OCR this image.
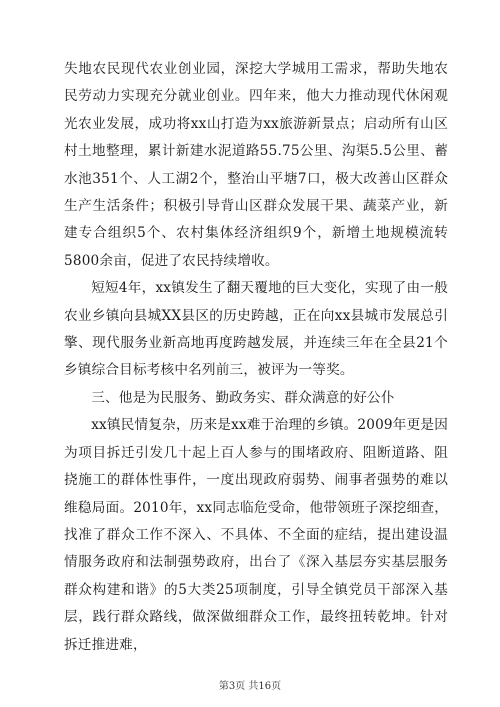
失地农民现代农业创业园，深挖大学城用工需求，帮助失地农民劳动力实现充分就业创业。四年来，他大力推动现代休闲观光农业发展，成功将xx山打造为xx旅游新景点；启动所有山区村土地整理，累计新建水泥道路55.75公里、沟渠5.5公里、蓄水池351个、人工湖2个，整治山平塘7口，极大改善山区群众生产生活条件；积极引导背山区群众发展干果、蔬菜产业，新建专合组织5个、农村集体经济组织9个，新增土地规模流转5800余亩，促进了农民持续增收。

短短4年，xx镇发生了翻天覆地的巨大变化，实现了由一般农业乡镇向县城XX县区的历史跨越，正在向xx县城市发展总引擎、现代服务业新高地再度跨越发展，并连续三年在全县21个乡镇综合目标考核中名列前三，被评为一等奖。

三、他是为民服务、勤政务实、群众满意的好公仆

xx镇民情复杂，历来是xx难于治理的乡镇。2009年更是因为项目拆迁引发几十起上百人参与的围堵政府、阻断道路、阻挠施工的群体性事件，一度出现政府弱势、闹事者强势的难以维稳局面。2010年，xx同志临危受命，他带领班子深挖细查，找准了群众工作不深入、不具体、不全面的症结，提出建设温情服务政府和法制强势政府，出台了《深入基层夯实基层服务群众构建和谐》的5大类25项制度，引导全镇党员干部深入基层，践行群众路线，做深做细群众工作，最终扭转乾坤。针对拆迁推进难，

第3页 共16页
